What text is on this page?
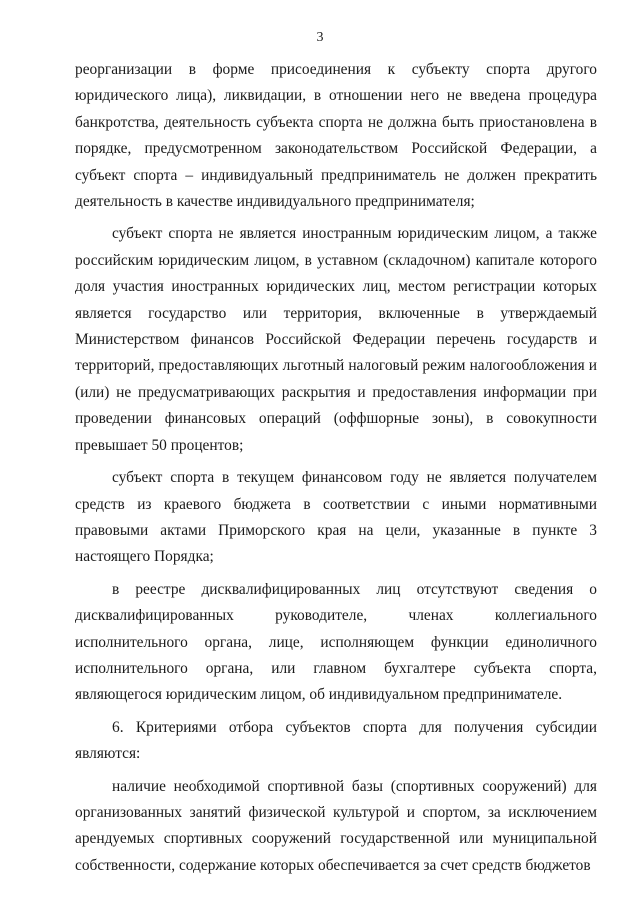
3

реорганизации в форме присоединения к субъекту спорта другого юридического лица), ликвидации, в отношении него не введена процедура банкротства, деятельность субъекта спорта не должна быть приостановлена в порядке, предусмотренном законодательством Российской Федерации, а субъект спорта – индивидуальный предприниматель не должен прекратить деятельность в качестве индивидуального предпринимателя;

субъект спорта не является иностранным юридическим лицом, а также российским юридическим лицом, в уставном (складочном) капитале которого доля участия иностранных юридических лиц, местом регистрации которых является государство или территория, включенные в утверждаемый Министерством финансов Российской Федерации перечень государств и территорий, предоставляющих льготный налоговый режим налогообложения и (или) не предусматривающих раскрытия и предоставления информации при проведении финансовых операций (оффшорные зоны), в совокупности превышает 50 процентов;

субъект спорта в текущем финансовом году не является получателем средств из краевого бюджета в соответствии с иными нормативными правовыми актами Приморского края на цели, указанные в пункте 3 настоящего Порядка;

в реестре дисквалифицированных лиц отсутствуют сведения о дисквалифицированных руководителе, членах коллегиального исполнительного органа, лице, исполняющем функции единоличного исполнительного органа, или главном бухгалтере субъекта спорта, являющегося юридическим лицом, об индивидуальном предпринимателе.

6. Критериями отбора субъектов спорта для получения субсидии являются:

наличие необходимой спортивной базы (спортивных сооружений) для организованных занятий физической культурой и спортом, за исключением арендуемых спортивных сооружений государственной или муниципальной собственности, содержание которых обеспечивается за счет средств бюджетов
